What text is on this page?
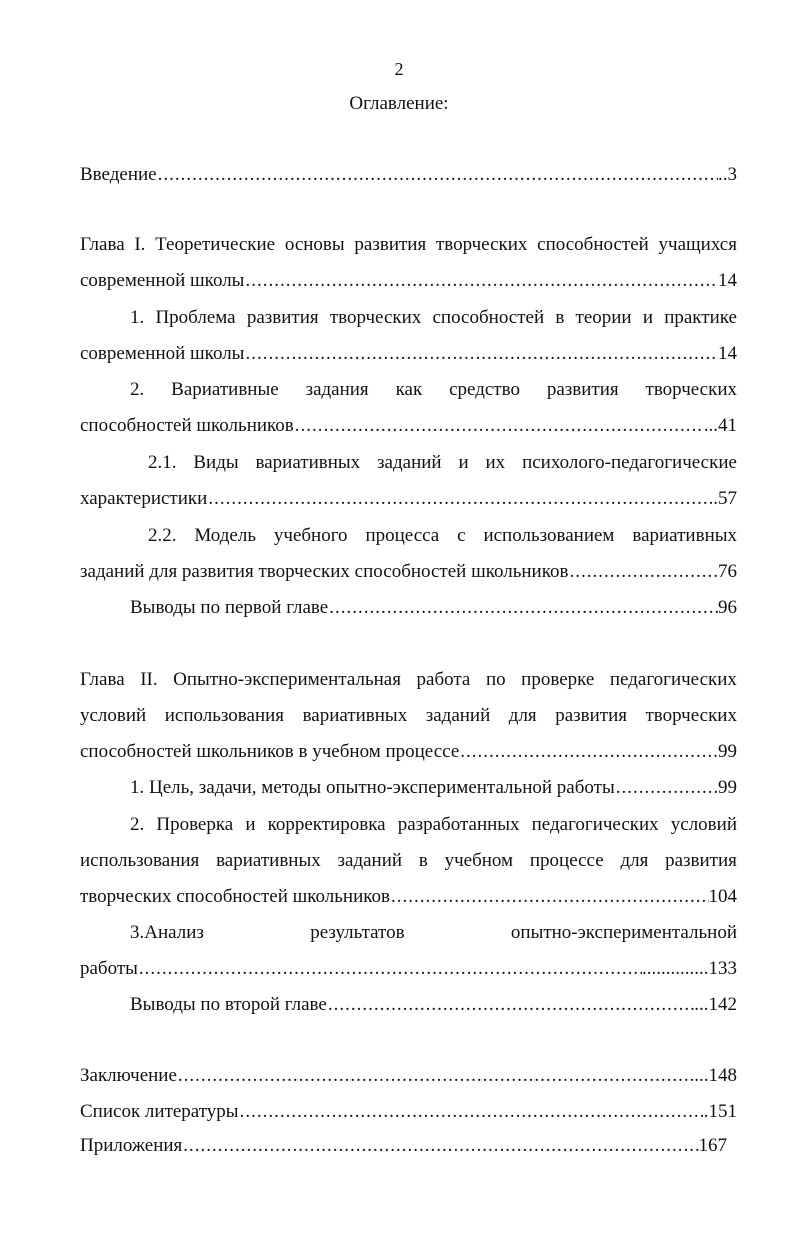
2
Оглавление:
Введение .....	..3
Глава I. Теоретические основы развития творческих способностей учащихся
современной школы .....	14
1. Проблема развития творческих способностей в теории и практике
современной школы .....	14
2. Вариативные задания как средство развития творческих
способностей школьников .....	...41
2.1. Виды вариативных заданий и их психолого-педагогические
характеристики .....	.57
2.2. Модель учебного процесса с использованием вариативных
заданий для развития творческих способностей школьников .....	76
Выводы по первой главе .....	96
Глава II. Опытно-экспериментальная работа по проверке педагогических
условий использования вариативных заданий для развития творческих
способностей школьников в учебном процессе .....	.99
1. Цель, задачи, методы опытно-экспериментальной работы .....	99
2. Проверка и корректировка разработанных педагогических условий
использования вариативных заданий в учебном процессе для развития
творческих способностей школьников .....	104
3.Анализ	результатов	опытно-экспериментальной
работы .....	..............133
Выводы по второй главе .....	...142
Заключение .....	...148
Список литературы .....	.151
Приложения .....	167
